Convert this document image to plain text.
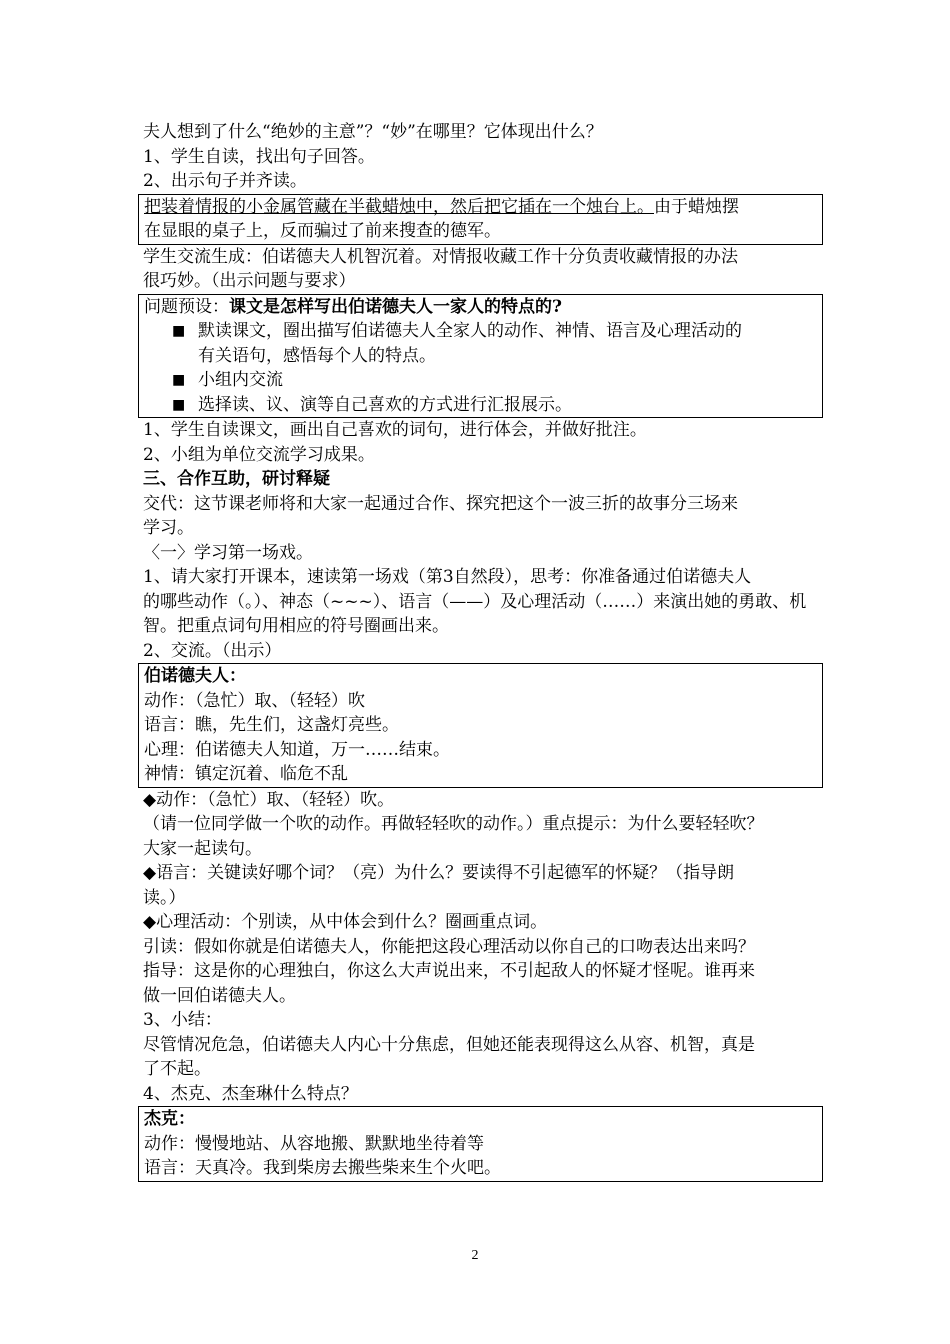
夫人想到了什么“绝妙的主意”？“妙”在哪里？它体现出什么？
1、学生自读，找出句子回答。
2、出示句子并齐读。
把装着情报的小金属管藏在半截蜡烛中，然后把它插在一个烛台上。由于蜡烛摆
在显眼的桌子上，反而骗过了前来搜查的德军。
学生交流生成：伯诺德夫人机智沉着。对情报收藏工作十分负责收藏情报的办法
很巧妙。（出示问题与要求）
问题预设：课文是怎样写出伯诺德夫人一家人的特点的?
■ 默读课文，圈出描写伯诺德夫人全家人的动作、神情、语言及心理活动的有关语句，感悟每个人的特点。
■ 小组内交流
■ 选择读、议、演等自己喜欢的方式进行汇报展示。
1、学生自读课文，画出自己喜欢的词句，进行体会，并做好批注。
2、小组为单位交流学习成果。
三、合作互助，研讨释疑
交代：这节课老师将和大家一起通过合作、探究把这个一波三折的故事分三场来
学习。
〈一〉学习第一场戏。
1、请大家打开课本，速读第一场戏（第3自然段），思考：你准备通过伯诺德夫人
的哪些动作（。）、神态（~~~）、语言（——）及心理活动（……）来演出她的勇敢、机
智。把重点词句用相应的符号圈画出来。
2、交流。（出示）
伯诺德夫人：
动作：（急忙）取、（轻轻）吹
语言：瞧，先生们，这盏灯亮些。
心理：伯诺德夫人知道，万一……结束。
神情：镇定沉着、临危不乱
◆动作：（急忙）取、（轻轻）吹。
（请一位同学做一个吹的动作。再做轻轻吹的动作。）重点提示：为什么要轻轻吹？
大家一起读句。
◆语言：关键读好哪个词？（亮）为什么？要读得不引起德军的怀疑？（指导朗
读。）
◆心理活动：个别读，从中体会到什么？圈画重点词。
引读：假如你就是伯诺德夫人，你能把这段心理活动以你自己的口吻表达出来吗？
指导：这是你的心理独白，你这么大声说出来，不引起敌人的怀疑才怪呢。谁再来
做一回伯诺德夫人。
3、小结：
尽管情况危急，伯诺德夫人内心十分焦虑，但她还能表现得这么从容、机智，真是
了不起。
4、杰克、杰奎琳什么特点？
杰克：
动作：慢慢地站、从容地搬、默默地坐待着等
语言：天真冷。我到柴房去搬些柴来生个火吧。
2
